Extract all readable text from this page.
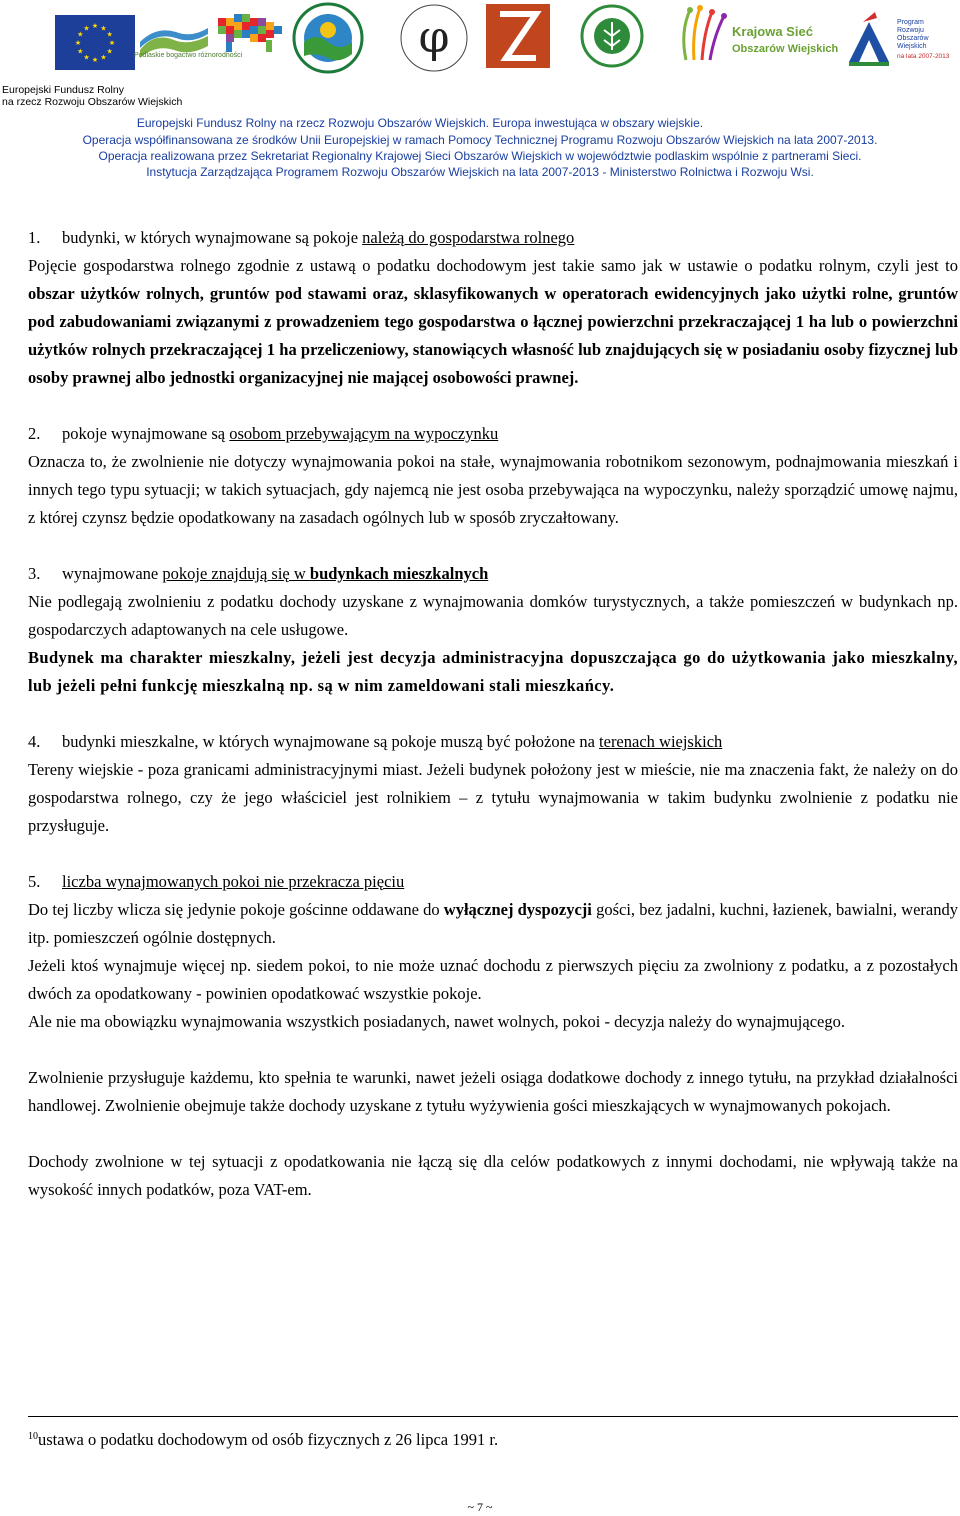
★ ★
★
★
★
★
★
★
★
★
★
★
Podlaskie bogactwo różnorodności	φ	Krajowa Sieć
Obszarów Wiejskich
Program
Rozwoju
Obszarów
Wiejskich
na lata 2007-2013
Europejski Fundusz Rolny
na rzecz Rozwoju Obszarów Wiejskich
Europejski Fundusz Rolny na rzecz Rozwoju Obszarów Wiejskich. Europa inwestująca w obszary wiejskie.
Operacja współfinansowana ze środków Unii Europejskiej w ramach Pomocy Technicznej Programu Rozwoju Obszarów Wiejskich na lata 2007-2013.
Operacja realizowana przez Sekretariat Regionalny Krajowej Sieci Obszarów Wiejskich w województwie podlaskim wspólnie z partnerami Sieci.
Instytucja Zarządzająca Programem Rozwoju Obszarów Wiejskich na lata 2007-2013 - Ministerstwo Rolnictwa i Rozwoju Wsi.

1. budynki, w których wynajmowane są pokoje należą do gospodarstwa rolnego

Pojęcie gospodarstwa rolnego zgodnie z ustawą o podatku dochodowym jest takie samo jak w ustawie o podatku rolnym, czyli jest to obszar użytków rolnych, gruntów pod stawami oraz, sklasyfikowanych w operatorach ewidencyjnych jako użytki rolne, gruntów pod zabudowaniami związanymi z prowadzeniem tego gospodarstwa o łącznej powierzchni przekraczającej 1 ha lub o powierzchni użytków rolnych przekraczającej 1 ha przeliczeniowy, stanowiących własność lub znajdujących się w posiadaniu osoby fizycznej lub osoby prawnej albo jednostki organizacyjnej nie mającej osobowości prawnej.

2. pokoje wynajmowane są osobom przebywającym na wypoczynku

Oznacza to, że zwolnienie nie dotyczy wynajmowania pokoi na stałe, wynajmowania robotnikom sezonowym, podnajmowania mieszkań i innych tego typu sytuacji; w takich sytuacjach, gdy najemcą nie jest osoba przebywająca na wypoczynku, należy sporządzić umowę najmu, z której czynsz będzie opodatkowany na zasadach ogólnych lub w sposób zryczałtowany.

3. wynajmowane pokoje znajdują się w budynkach mieszkalnych

Nie podlegają zwolnieniu z podatku dochody uzyskane z wynajmowania domków turystycznych, a także pomieszczeń w budynkach np. gospodarczych adaptowanych na cele usługowe.

Budynek ma charakter mieszkalny, jeżeli jest decyzja administracyjna dopuszczająca go do użytkowania jako mieszkalny, lub jeżeli pełni funkcję mieszkalną np. są w nim zameldowani stali mieszkańcy.

4. budynki mieszkalne, w których wynajmowane są pokoje muszą być położone na terenach wiejskich

Tereny wiejskie - poza granicami administracyjnymi miast. Jeżeli budynek położony jest w mieście, nie ma znaczenia fakt, że należy on do gospodarstwa rolnego, czy że jego właściciel jest rolnikiem – z tytułu wynajmowania w takim budynku zwolnienie z podatku nie przysługuje.

5. liczba wynajmowanych pokoi nie przekracza pięciu

Do tej liczby wlicza się jedynie pokoje gościnne oddawane do wyłącznej dyspozycji gości, bez jadalni, kuchni, łazienek, bawialni, werandy itp. pomieszczeń ogólnie dostępnych.

Jeżeli ktoś wynajmuje więcej np. siedem pokoi, to nie może uznać dochodu z pierwszych pięciu za zwolniony z podatku, a z pozostałych dwóch za opodatkowany - powinien opodatkować wszystkie pokoje.

Ale nie ma obowiązku wynajmowania wszystkich posiadanych, nawet wolnych, pokoi - decyzja należy do wynajmującego.

Zwolnienie przysługuje każdemu, kto spełnia te warunki, nawet jeżeli osiąga dodatkowe dochody z innego tytułu, na przykład działalności handlowej. Zwolnienie obejmuje także dochody uzyskane z tytułu wyżywienia gości mieszkających w wynajmowanych pokojach.

Dochody zwolnione w tej sytuacji z opodatkowania nie łączą się dla celów podatkowych z innymi dochodami, nie wpływają także na wysokość innych podatków, poza VAT-em.

$^{10}$ustawa o podatku dochodowym od osób fizycznych z 26 lipca 1991 r.
~ 7 ~
